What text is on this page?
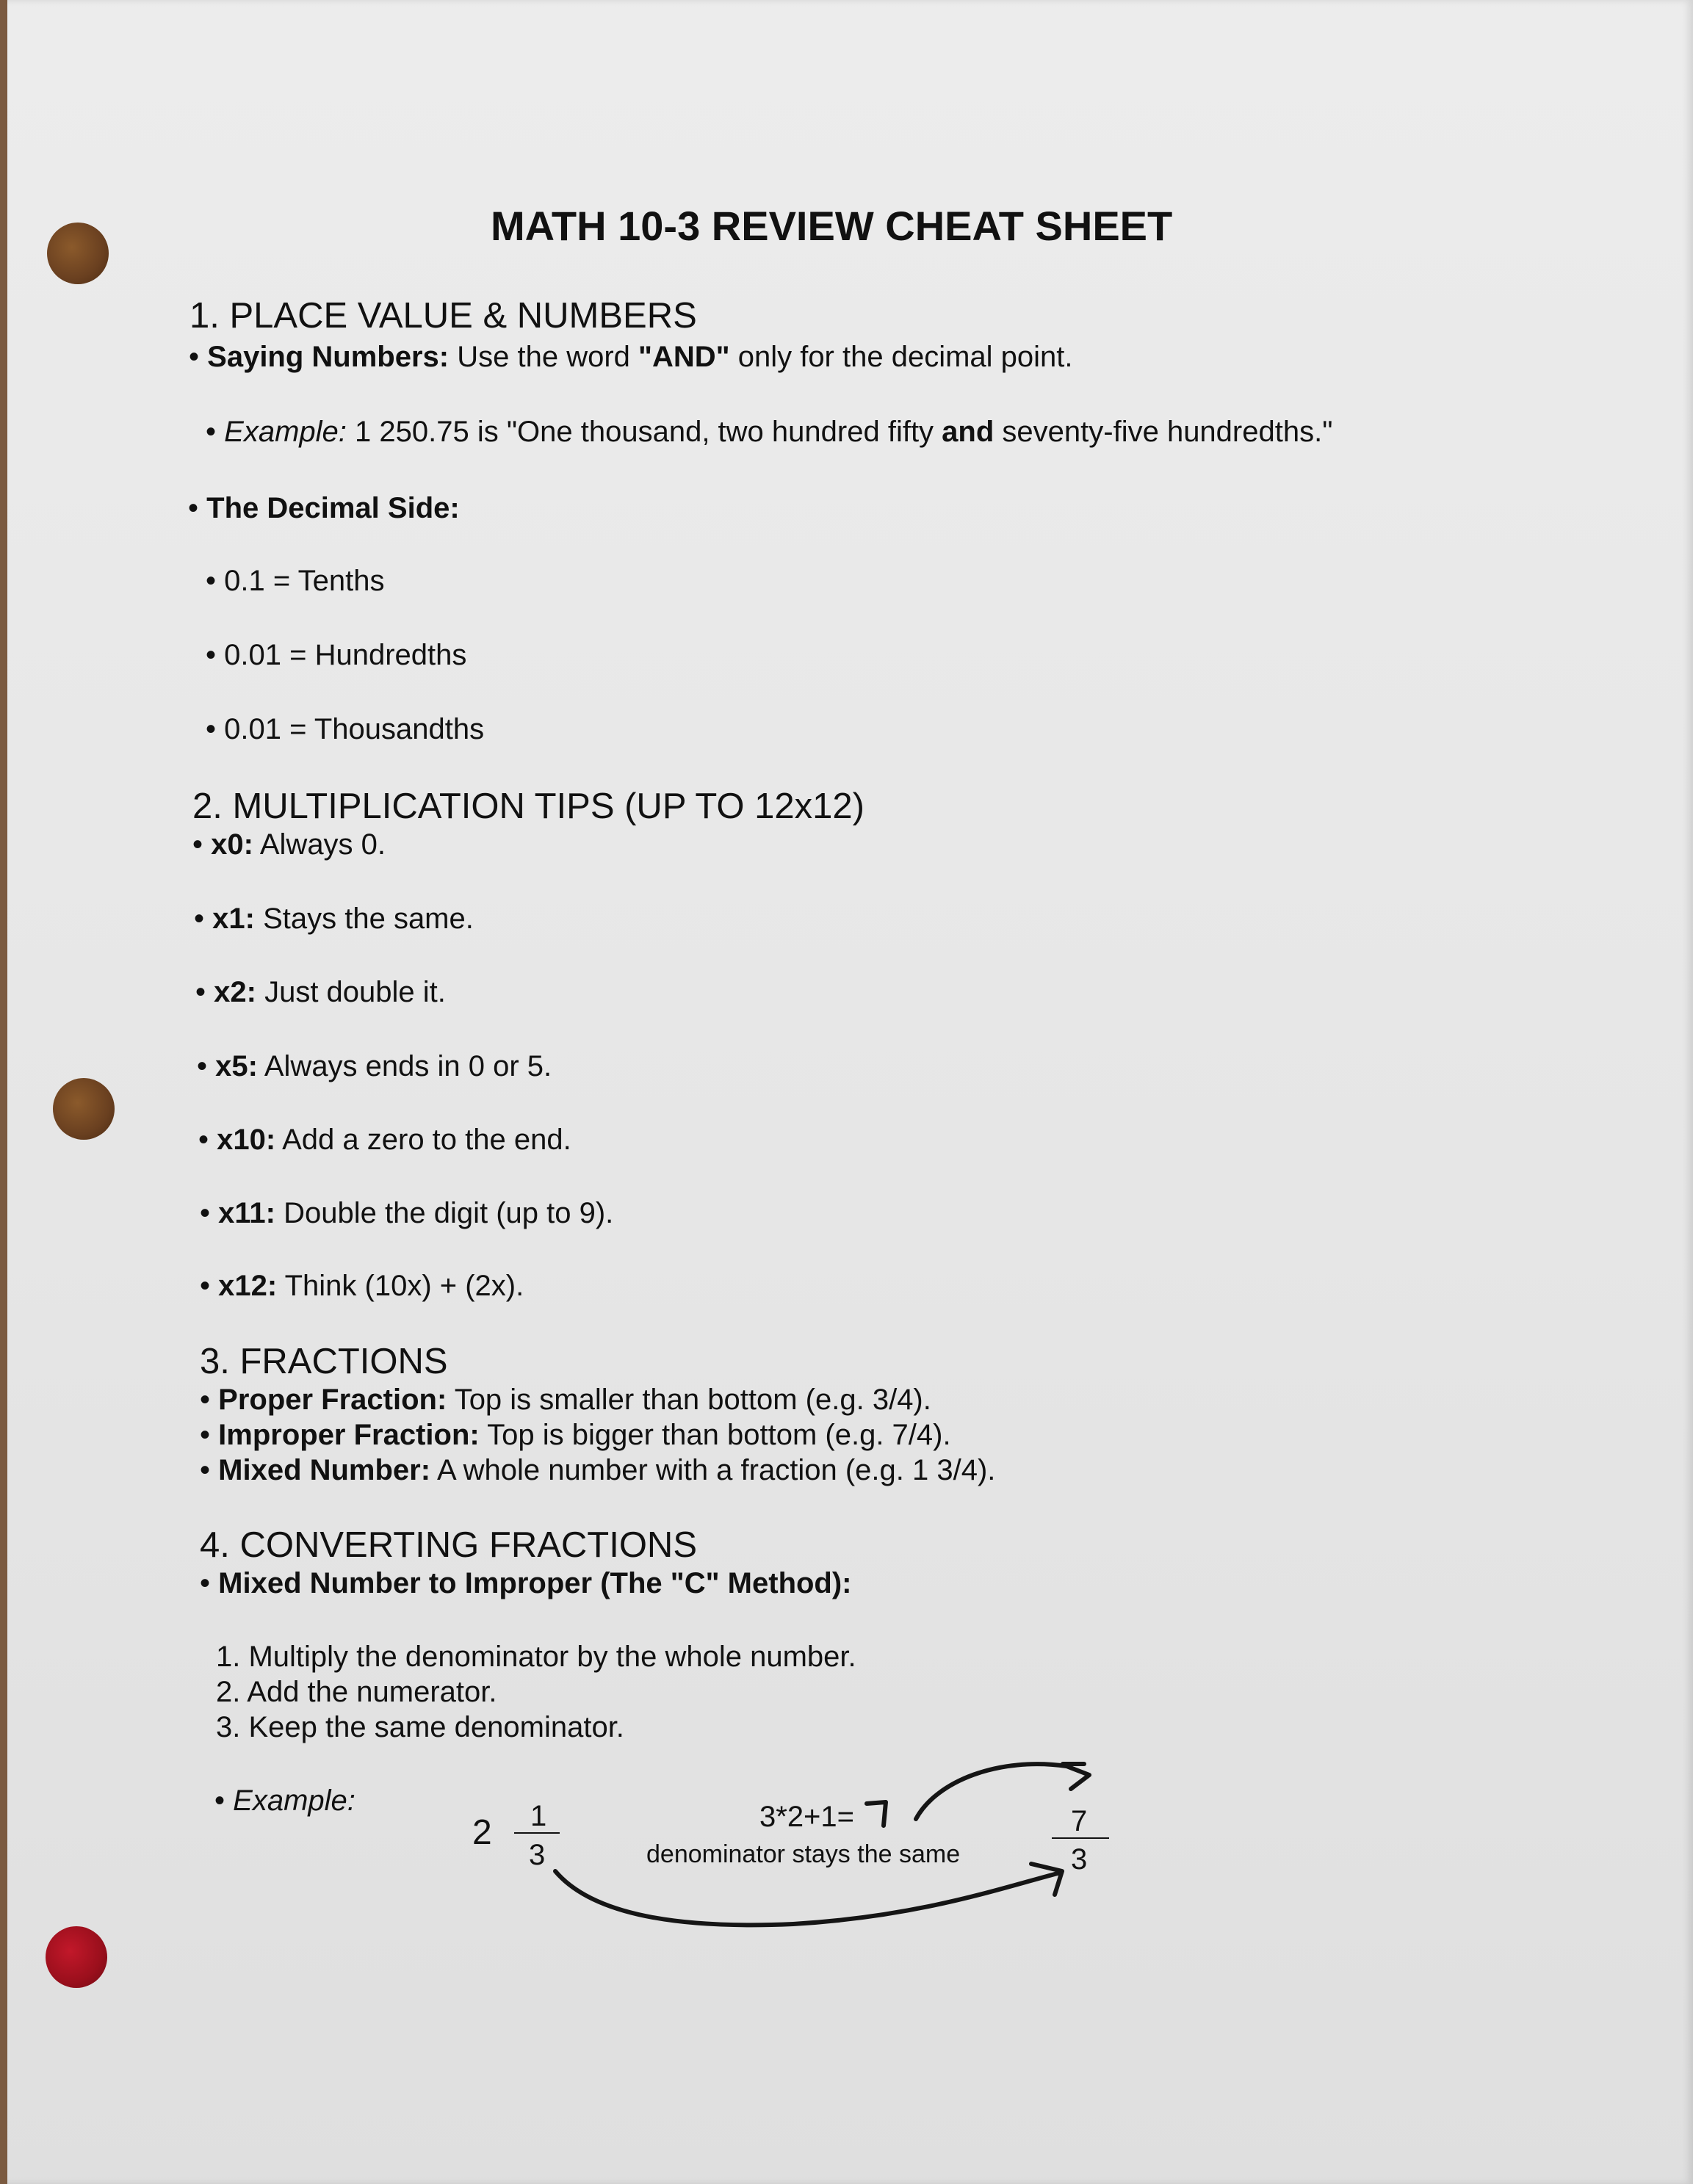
MATH 10-3 REVIEW CHEAT SHEET
1. PLACE VALUE & NUMBERS
• Saying Numbers: Use the word "AND" only for the decimal point.
• Example: 1 250.75 is "One thousand, two hundred fifty and seventy-five hundredths."
• The Decimal Side:
• 0.1 = Tenths
• 0.01 = Hundredths
• 0.01 = Thousandths
2. MULTIPLICATION TIPS (UP TO 12x12)
• x0: Always 0.
• x1: Stays the same.
• x2: Just double it.
• x5: Always ends in 0 or 5.
• x10: Add a zero to the end.
• x11: Double the digit (up to 9).
• x12: Think (10x) + (2x).
3. FRACTIONS
• Proper Fraction: Top is smaller than bottom (e.g. 3/4).
• Improper Fraction: Top is bigger than bottom (e.g. 7/4).
• Mixed Number: A whole number with a fraction (e.g. 1 3/4).
4. CONVERTING FRACTIONS
• Mixed Number to Improper (The "C" Method):
1. Multiply the denominator by the whole number.
2. Add the numerator.
3. Keep the same denominator.
• Example:
2 1
3
3*2+1=
denominator stays the same
7
3
